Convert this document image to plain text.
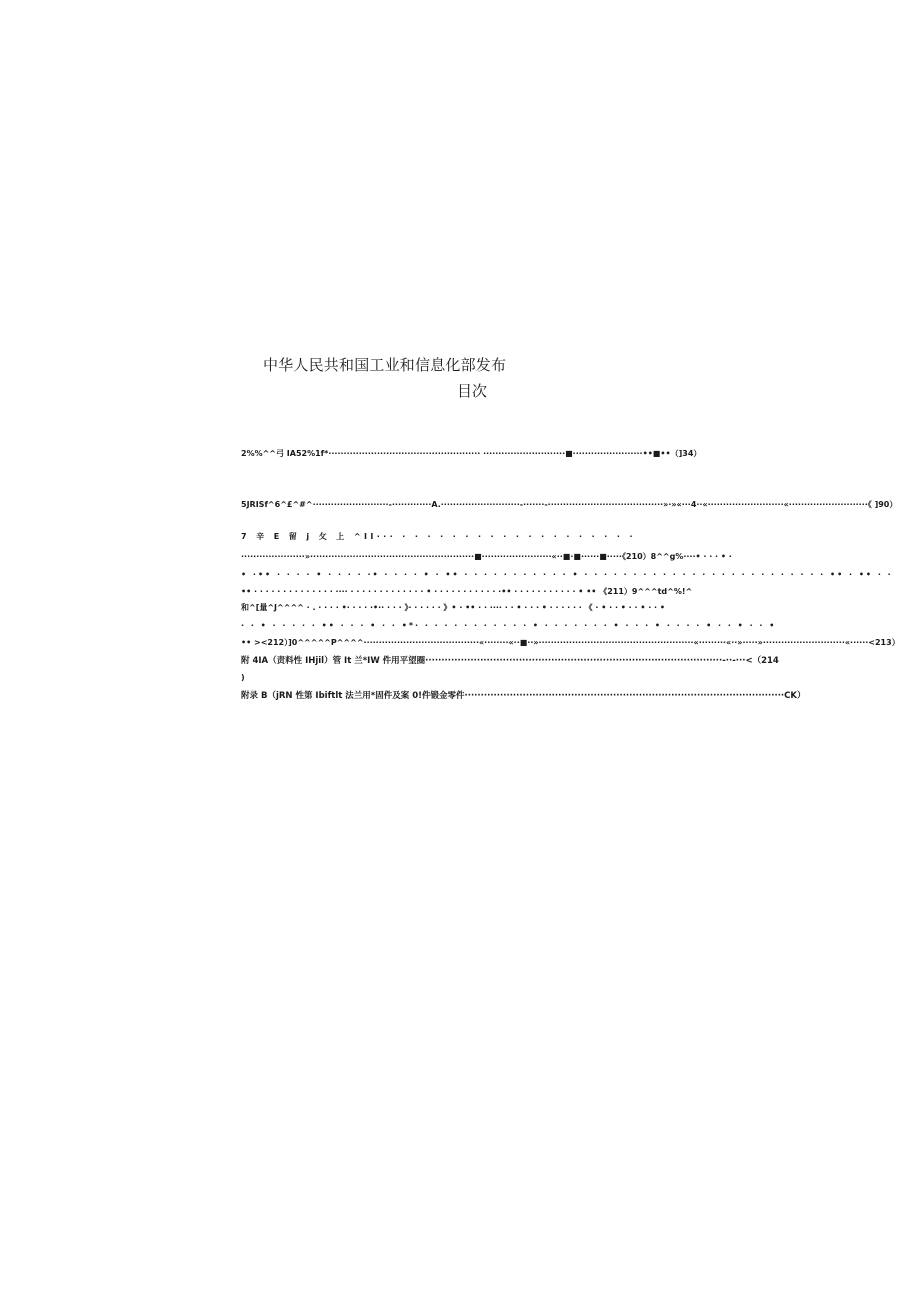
中华人民共和国工业和信息化部发布
目次
2%%^^弓 IA52%1f*·················································· ···························■·······················••■••（]34）
5JRISf^6^£^#^·························-·············A.··························-·······-······································»·»«···4··«·························«··························《 ]90）
7 辛 E 留 j 攵 上 ^II··· · · · · · · · · · · · · · · · · · · ·
·····················»······················································■·······················«··■·■······■·····《210）8^^g%····• · · · • ·
• ·•• · · · · • · · · · ·• · · · · • · •• · · · · · · · · · · · • · · · · · · · · · · · · · · · · · · · · · · · · · •• · •• · ·
•• · · · · · · · · · · · · · · ···· · · · · · · · · · · · · · • · · · · · · · · · · · ·•• · · · · · · · · · · · • •• 《211）9^^^td^%!^
和^[量^J^^^^ · . · · · · •· · · · ·•·· · · · 》· · · · · · 》• · •• · · ···· · · • · · · • · · · · · · 《 · • · · • · · • · · •
· · • · · · · · •• · · · • · · •*· · · · · · · · · · · · • · · · · · · · • · · · • · · · · • · · • · · •
•• ><212）]0^^^^^P^^^^······································«········«··■··»···················································«·········«··»·····»···························«······<213）
附 4IA（责料性 IHjil）管 It 兰*IW 件用平望圈····························································································-··-···<（214
)
附录 B（jRN 性第 Ibiftlt 法兰用*固件及案 0!件锻金零件···································································································CK）
